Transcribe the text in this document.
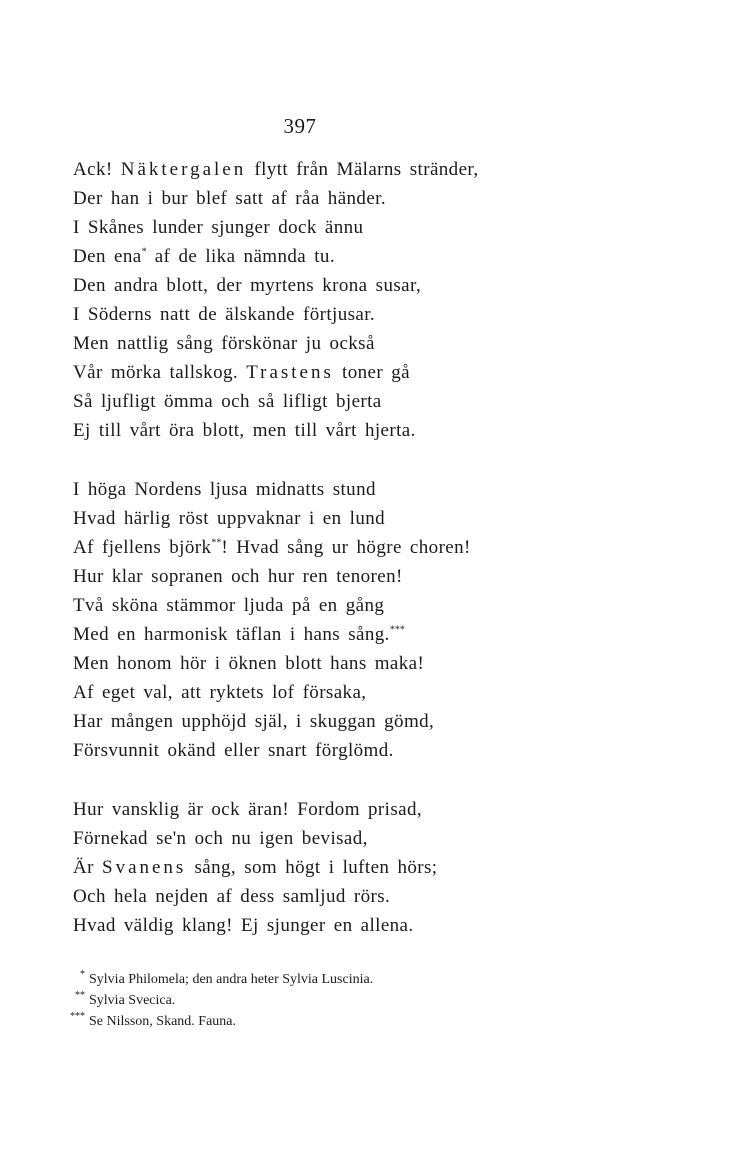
397
Ack! Näktergalen flytt från Mälarns stränder,
Der han i bur blef satt af råa händer.
I Skånes lunder sjunger dock ännu
Den ena* af de lika nämnda tu.
Den andra blott, der myrtens krona susar,
I Söderns natt de älskande förtjusar.
Men nattlig sång förskönar ju också
Vår mörka tallskog. Trastens toner gå
Så ljufligt ömma och så lifligt bjerta
Ej till vårt öra blott, men till vårt hjerta.
I höga Nordens ljusa midnatts stund
Hvad härlig röst uppvaknar i en lund
Af fjellens björk**! Hvad sång ur högre choren!
Hur klar sopranen och hur ren tenoren!
Två sköna stämmor ljuda på en gång
Med en harmonisk täflan i hans sång.***
Men honom hör i öknen blott hans maka!
Af eget val, att ryktets lof försaka,
Har mången upphöjd själ, i skuggan gömd,
Försvunnit okänd eller snart förglömd.
Hur vansklig är ock äran! Fordom prisad,
Förnekad se'n och nu igen bevisad,
Är Svanens sång, som högt i luften hörs;
Och hela nejden af dess samljud rörs.
Hvad väldig klang! Ej sjunger en allena.
* Sylvia Philomela; den andra heter Sylvia Luscinia.
** Sylvia Svecica.
*** Se Nilsson, Skand. Fauna.
